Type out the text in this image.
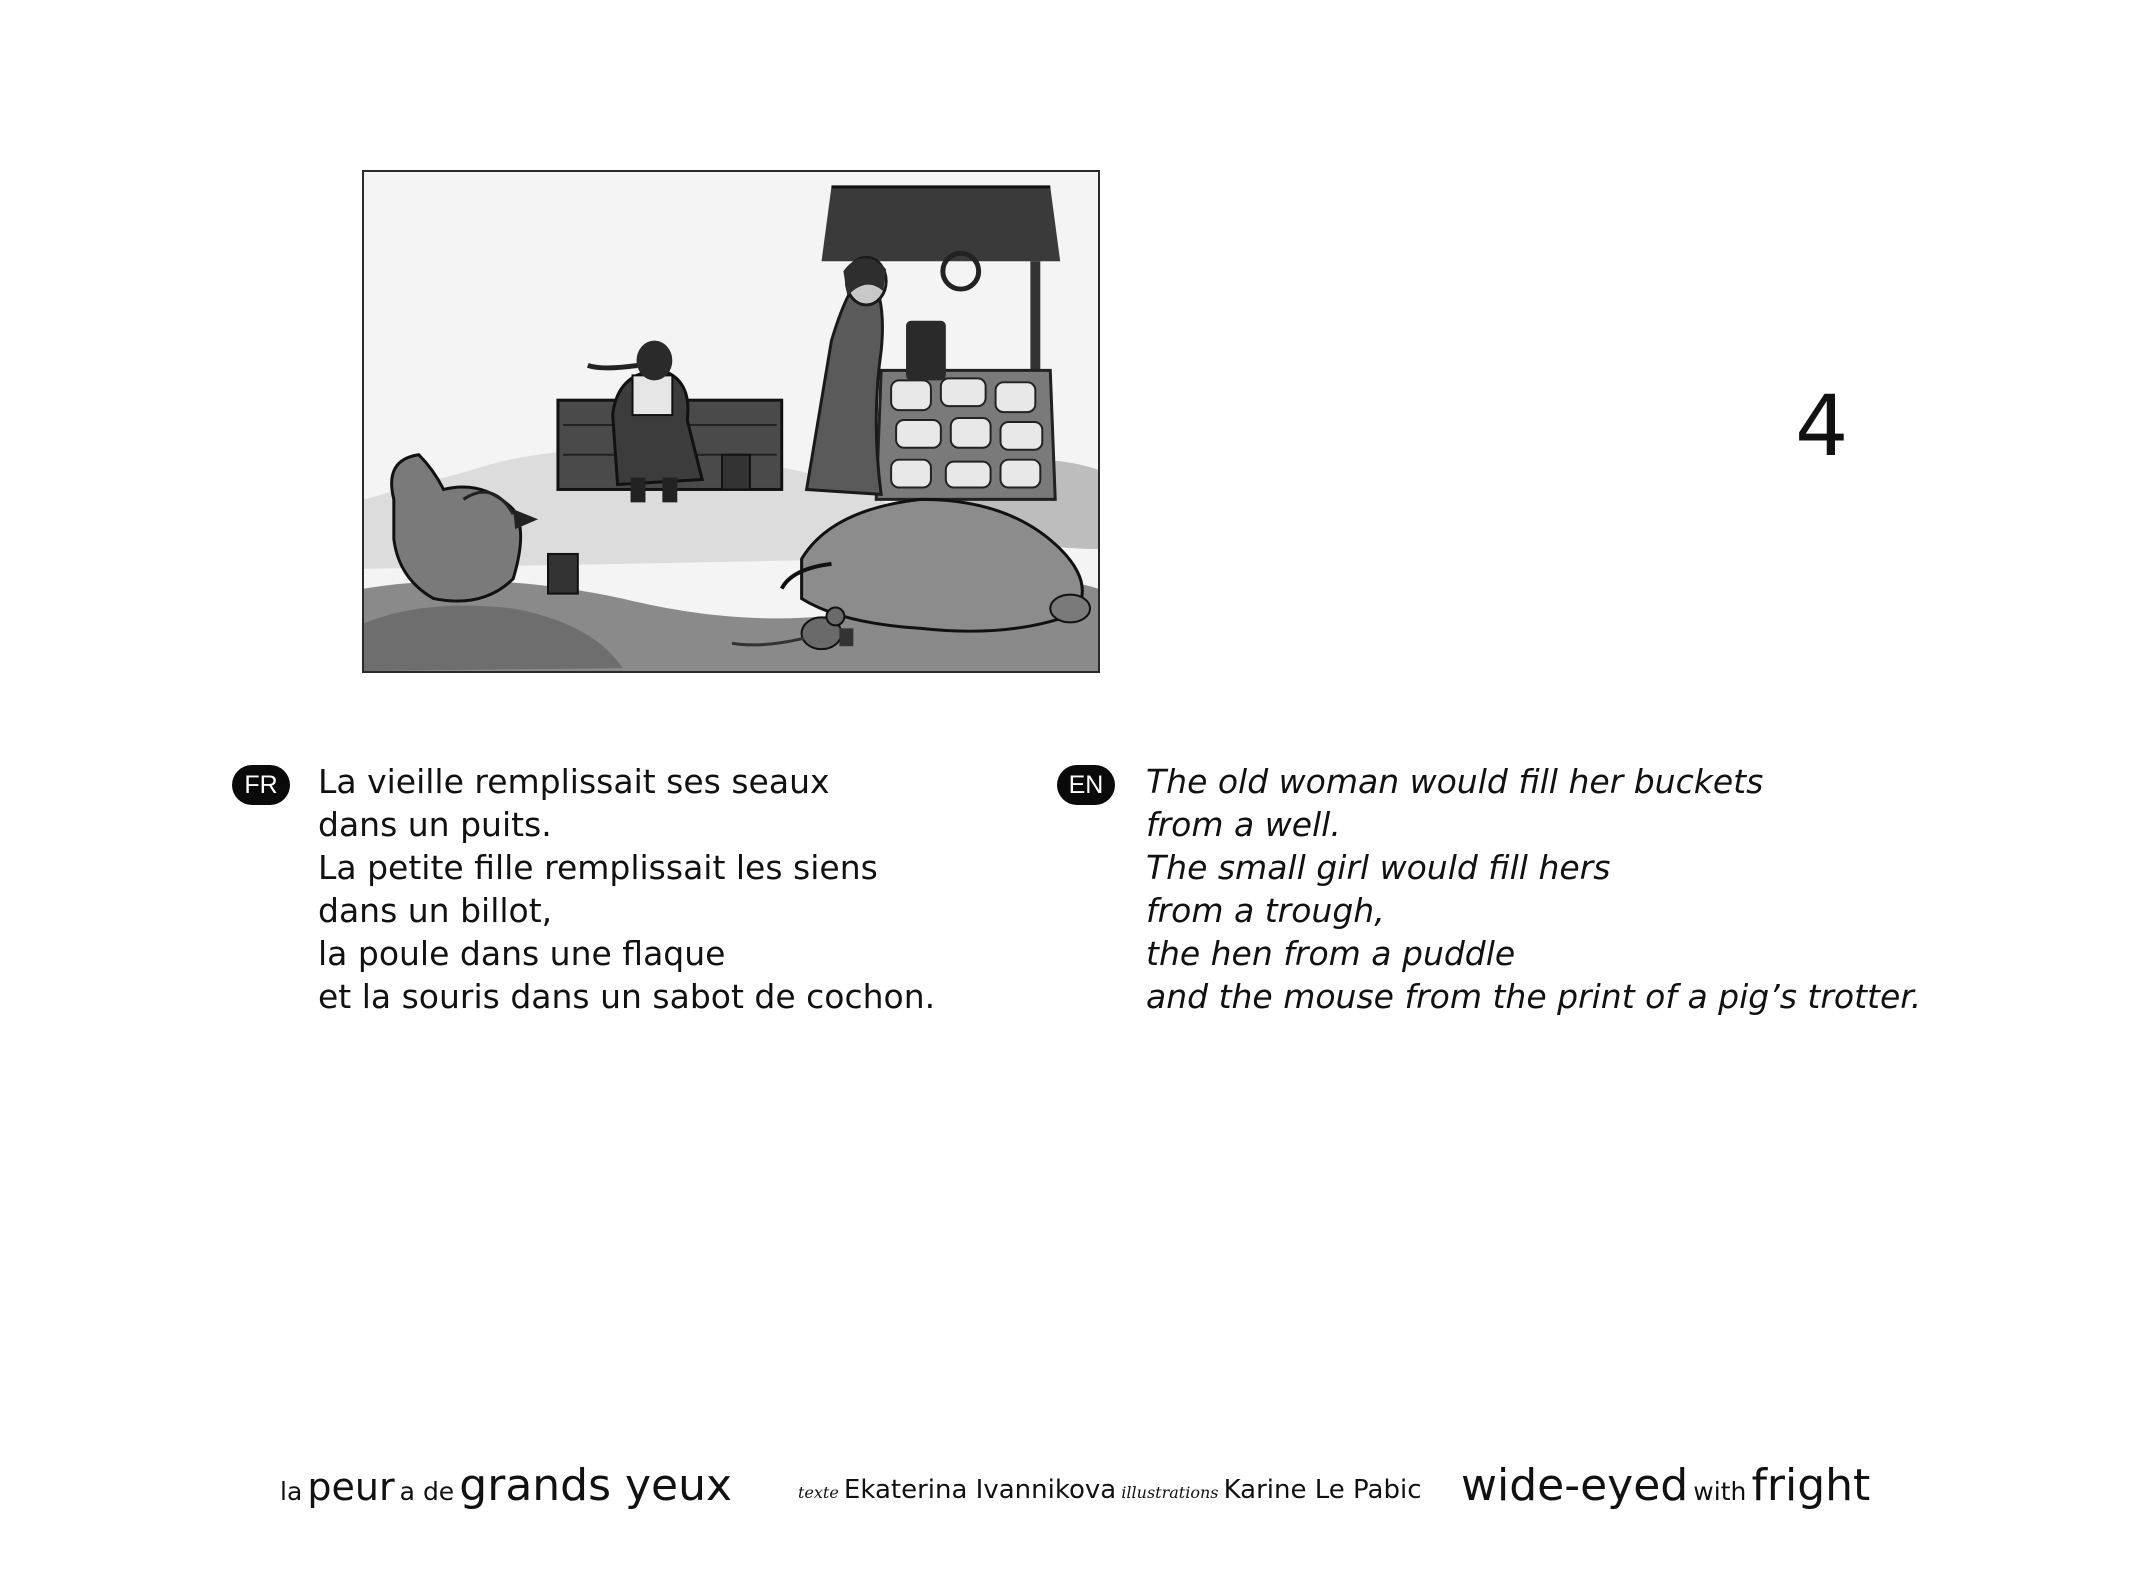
4
FR	La vieille remplissait ses seaux
dans un puits.
La petite fille remplissait les siens
dans un billot,
la poule dans une flaque
et la souris dans un sabot de cochon.
EN	The old woman would fill her buckets
from a well.
The small girl would fill hers
from a trough,
the hen from a puddle
and the mouse from the print of a pig’s trotter.
la peur a de grands yeux	texte Ekaterina Ivannikova illustrations Karine Le Pabic wide-eyed with fright
